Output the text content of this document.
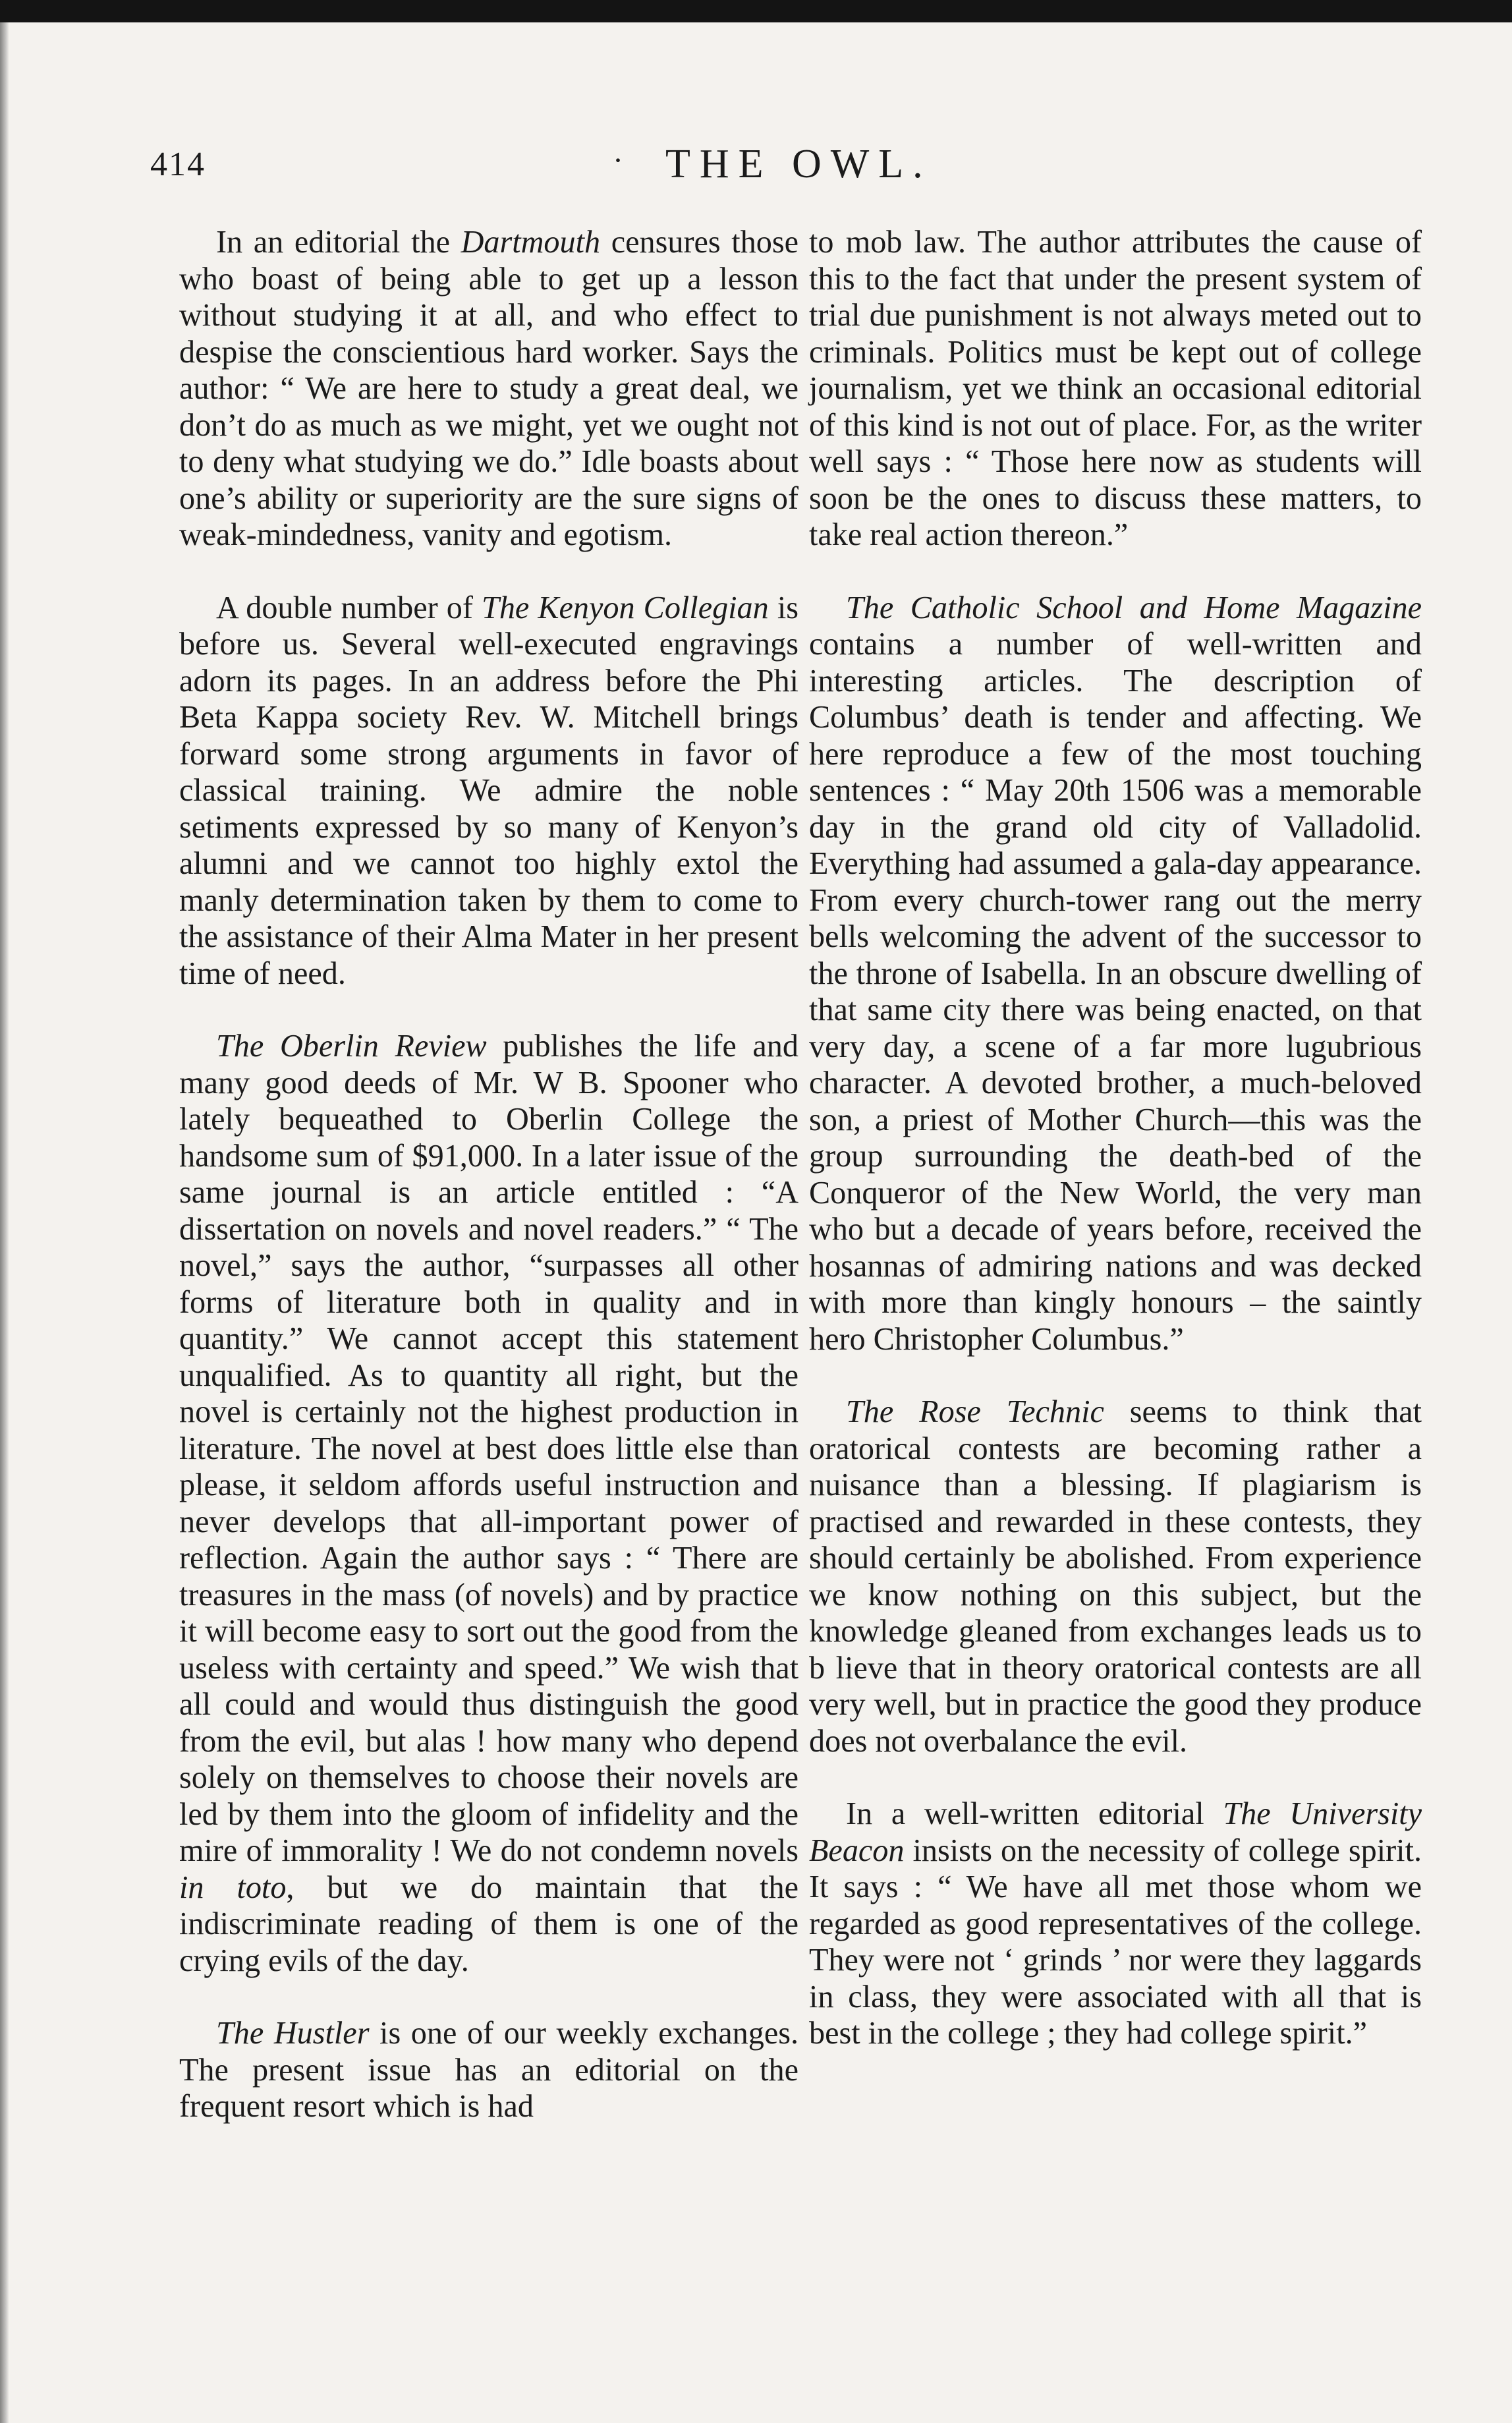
414	· THE OWL.

In an editorial the Dartmouth censures those who boast of being able to get up a lesson without studying it at all, and who effect to despise the conscientious hard worker. Says the author: “ We are here to study a great deal, we don’t do as much as we might, yet we ought not to deny what studying we do.” Idle boasts about one’s ability or superiority are the sure signs of weak-mindedness, vanity and egotism.

A double number of The Kenyon Collegian is before us. Several well-executed engravings adorn its pages. In an address before the Phi Beta Kappa society Rev. W. Mitchell brings forward some strong arguments in favor of classical training. We admire the noble setiments expressed by so many of Kenyon’s alumni and we cannot too highly extol the manly determination taken by them to come to the assistance of their Alma Mater in her present time of need.

The Oberlin Review publishes the life and many good deeds of Mr. W B. Spooner who lately bequeathed to Oberlin College the handsome sum of $91,000. In a later issue of the same journal is an article entitled : “A dissertation on novels and novel readers.” “ The novel,” says the author, “surpasses all other forms of literature both in quality and in quantity.” We cannot accept this statement unqualified. As to quantity all right, but the novel is certainly not the highest production in literature. The novel at best does little else than please, it seldom affords useful instruction and never develops that all-important power of reflection. Again the author says : “ There are treasures in the mass (of novels) and by practice it will become easy to sort out the good from the useless with certainty and speed.” We wish that all could and would thus distinguish the good from the evil, but alas ! how many who depend solely on themselves to choose their novels are led by them into the gloom of infidelity and the mire of immorality ! We do not condemn novels in toto, but we do maintain that the indiscriminate reading of them is one of the crying evils of the day.

The Hustler is one of our weekly exchanges. The present issue has an editorial on the frequent resort which is had

to mob law. The author attributes the cause of this to the fact that under the present system of trial due punishment is not always meted out to criminals. Politics must be kept out of college journalism, yet we think an occasional editorial of this kind is not out of place. For, as the writer well says : “ Those here now as students will soon be the ones to discuss these matters, to take real action thereon.”

The Catholic School and Home Magazine contains a number of well-written and interesting articles. The description of Columbus’ death is tender and affecting. We here reproduce a few of the most touching sentences : “ May 20th 1506 was a memorable day in the grand old city of Valladolid. Everything had assumed a gala-day appearance. From every church-tower rang out the merry bells welcoming the advent of the successor to the throne of Isabella. In an obscure dwelling of that same city there was being enacted, on that very day, a scene of a far more lugubrious character. A devoted brother, a much-beloved son, a priest of Mother Church—this was the group surrounding the death-bed of the Conqueror of the New World, the very man who but a decade of years before, received the hosannas of admiring nations and was decked with more than kingly honours – the saintly hero Christopher Columbus.”

The Rose Technic seems to think that oratorical contests are becoming rather a nuisance than a blessing. If plagiarism is practised and rewarded in these contests, they should certainly be abolished. From experience we know nothing on this subject, but the knowledge gleaned from exchanges leads us to b lieve that in theory oratorical contests are all very well, but in practice the good they produce does not overbalance the evil.

In a well-written editorial The University Beacon insists on the necessity of college spirit. It says : “ We have all met those whom we regarded as good representatives of the college. They were not ‘ grinds ’ nor were they laggards in class, they were associated with all that is best in the college ; they had college spirit.”
